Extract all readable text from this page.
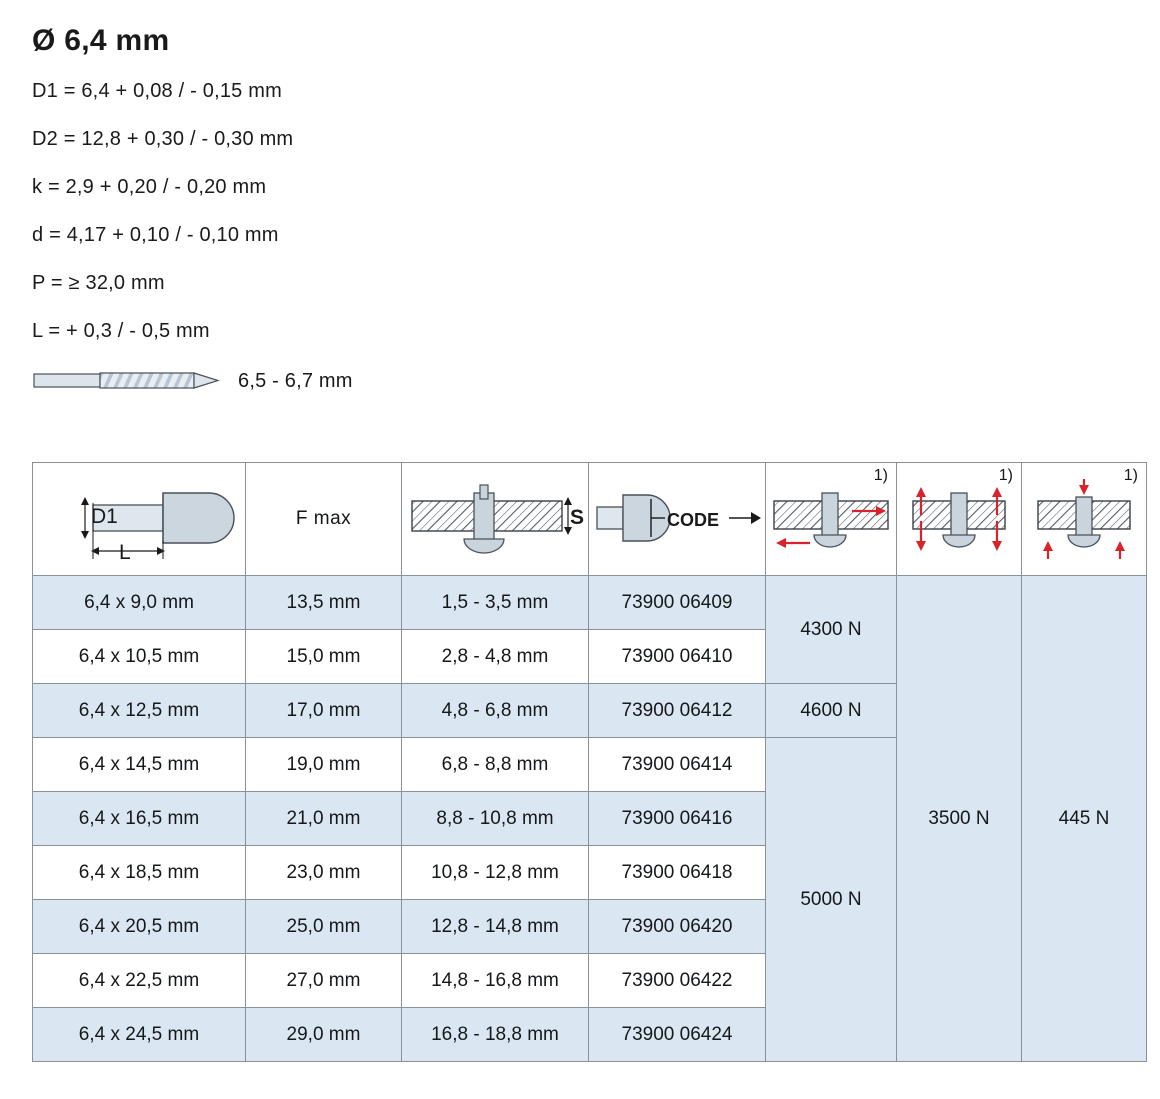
Ø 6,4 mm
D1 = 6,4 + 0,08 / - 0,15 mm
D2 = 12,8 + 0,30 / - 0,30 mm
k = 2,9 + 0,20 / - 0,20 mm
d = 4,17 + 0,10 / - 0,10 mm
P = ≥ 32,0 mm
L = + 0,3 / - 0,5 mm
6,5 - 6,7 mm
D1
L	F max	S	CODE	1)	1)	1)

6,4 x 9,0 mm	13,5 mm	1,5 - 3,5 mm	73900 06409	4300 N	3500 N	445 N
6,4 x 10,5 mm	15,0 mm	2,8 - 4,8 mm	73900 06410			
6,4 x 12,5 mm	17,0 mm	4,8 - 6,8 mm	73900 06412	4600 N		
6,4 x 14,5 mm	19,0 mm	6,8 - 8,8 mm	73900 06414	5000 N		
6,4 x 16,5 mm	21,0 mm	8,8 - 10,8 mm	73900 06416			
6,4 x 18,5 mm	23,0 mm	10,8 - 12,8 mm	73900 06418			
6,4 x 20,5 mm	25,0 mm	12,8 - 14,8 mm	73900 06420			
6,4 x 22,5 mm	27,0 mm	14,8 - 16,8 mm	73900 06422			
6,4 x 24,5 mm	29,0 mm	16,8 - 18,8 mm	73900 06424			
